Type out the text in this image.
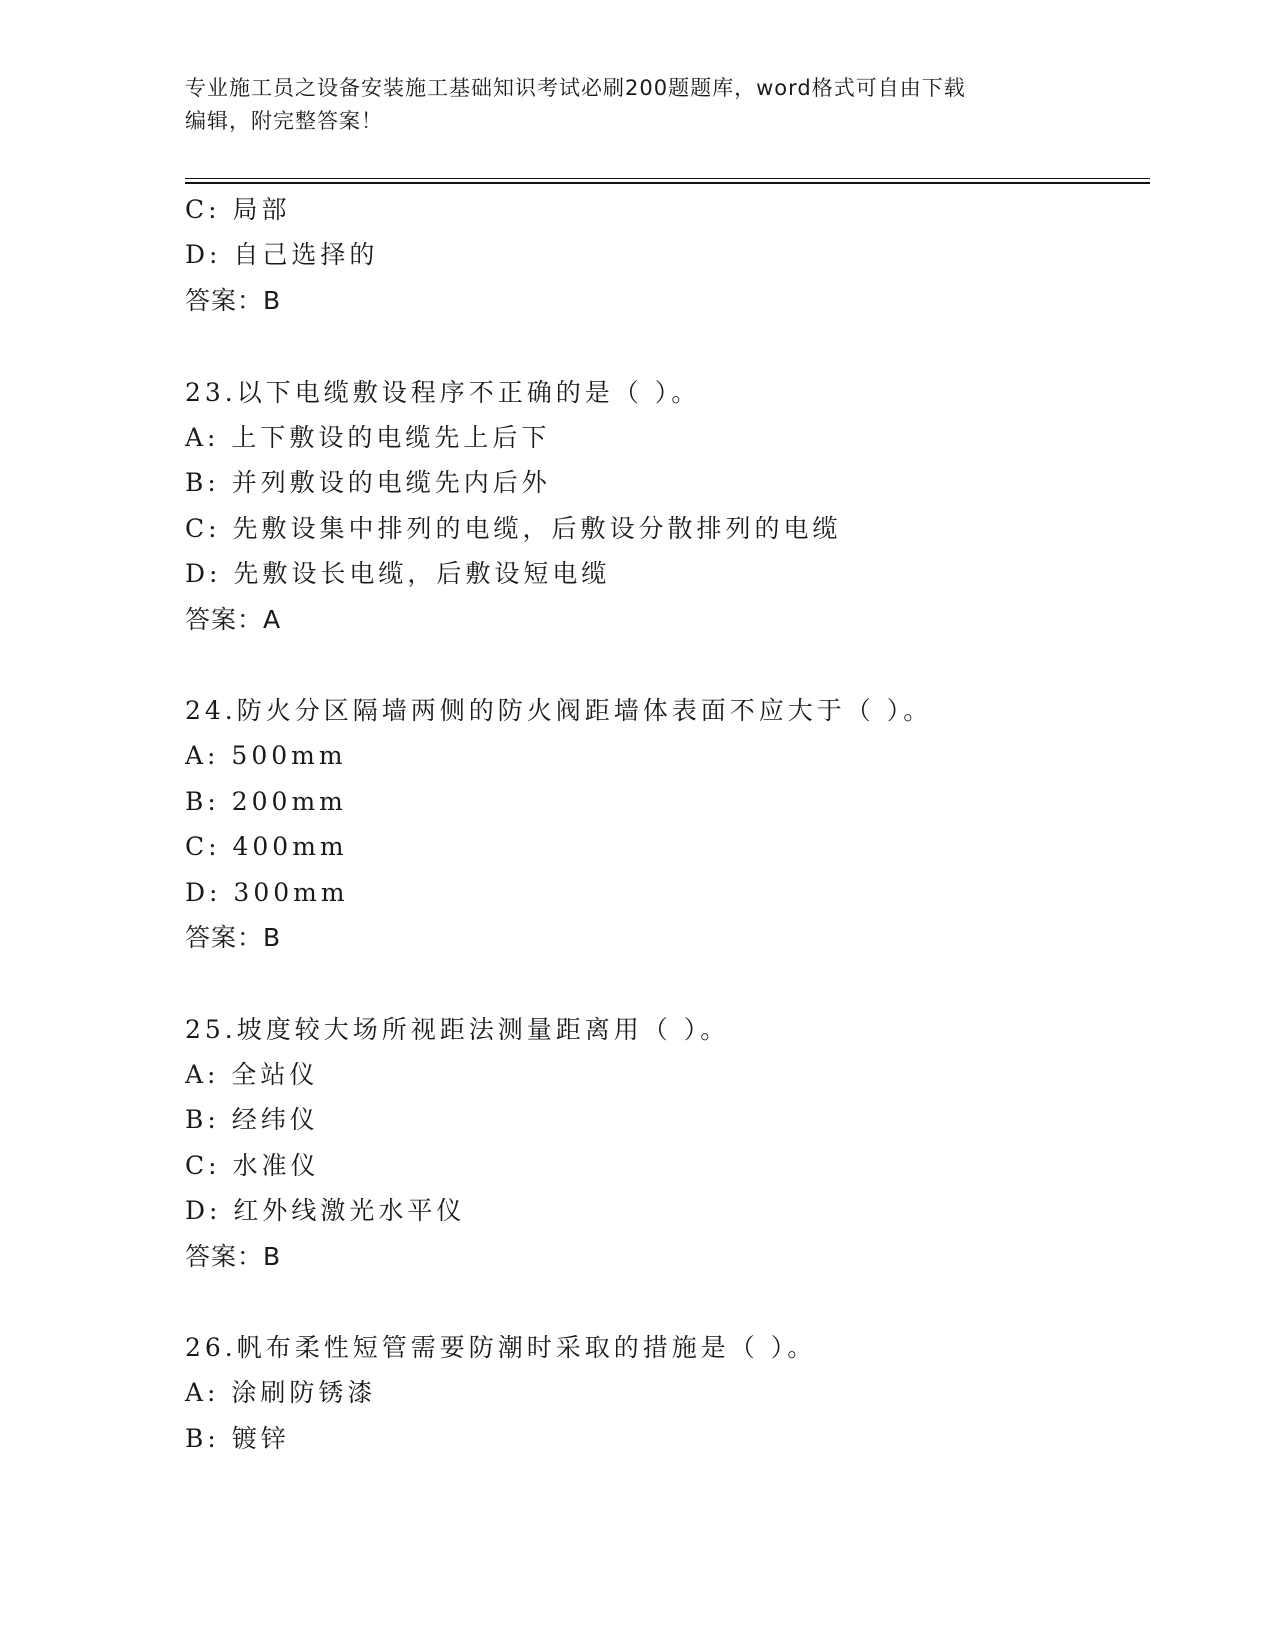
专业施工员之设备安装施工基础知识考试必刷200题题库，word格式可自由下载
编辑，附完整答案！
C: 局部
D: 自己选择的
答案：B
23.以下电缆敷设程序不正确的是（ ）。
A: 上下敷设的电缆先上后下
B: 并列敷设的电缆先内后外
C: 先敷设集中排列的电缆，后敷设分散排列的电缆
D: 先敷设长电缆，后敷设短电缆
答案：A
24.防火分区隔墙两侧的防火阀距墙体表面不应大于（ ）。
A: 500mm
B: 200mm
C: 400mm
D: 300mm
答案：B
25.坡度较大场所视距法测量距离用（ ）。
A: 全站仪
B: 经纬仪
C: 水准仪
D: 红外线激光水平仪
答案：B
26.帆布柔性短管需要防潮时采取的措施是（ ）。
A: 涂刷防锈漆
B: 镀锌
